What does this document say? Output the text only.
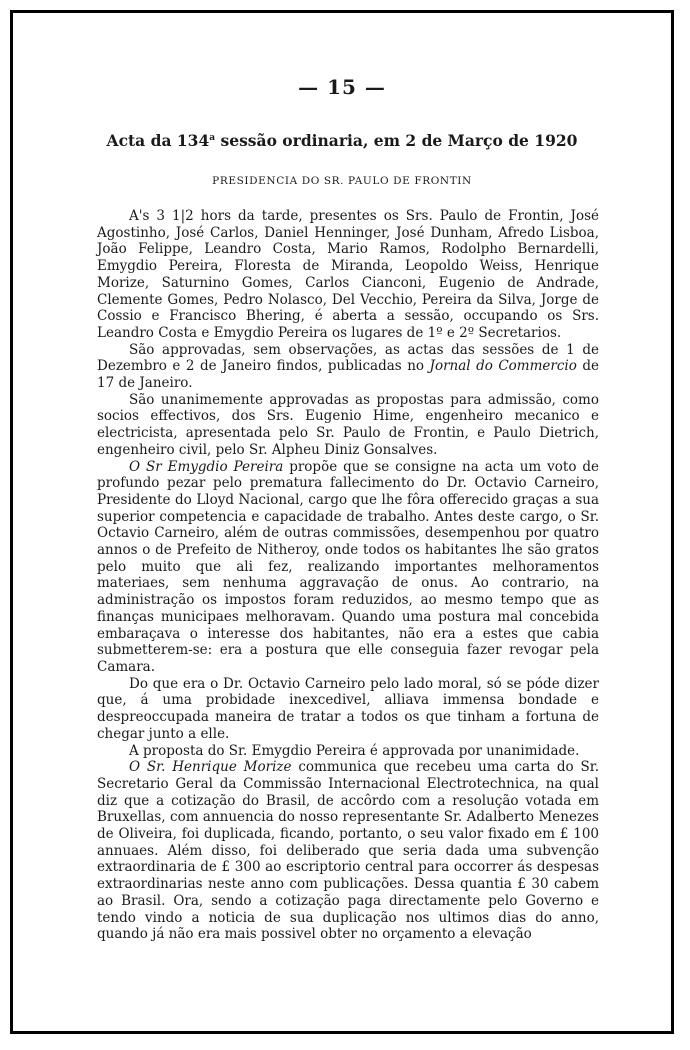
— 15 —
Acta da 134$^a$ sessão ordinaria, em 2 de Março de 1920
PRESIDENCIA DO SR. PAULO DE FRONTIN

A's 3 1|2 hors da tarde, presentes os Srs. Paulo de Frontin, José Agostinho, José Carlos, Daniel Henninger, José Dunham, Afredo Lisboa, João Felippe, Leandro Costa, Mario Ramos, Rodolpho Bernardelli, Emygdio Pereira, Floresta de Miranda, Leopoldo Weiss, Henrique Morize, Saturnino Gomes, Carlos Cianconi, Eugenio de Andrade, Clemente Gomes, Pedro Nolasco, Del Vecchio, Pereira da Silva, Jorge de Cossio e Francisco Bhering, é aberta a sessão, occupando os Srs. Leandro Costa e Emygdio Pereira os lugares de 1º e 2º Secretarios.

São approvadas, sem observações, as actas das sessões de 1 de Dezembro e 2 de Janeiro findos, publicadas no Jornal do Commercio de 17 de Janeiro.

São unanimemente approvadas as propostas para admissão, como socios effectivos, dos Srs. Eugenio Hime, engenheiro mecanico e electricista, apresentada pelo Sr. Paulo de Frontin, e Paulo Dietrich, engenheiro civil, pelo Sr. Alpheu Diniz Gonsalves.

O Sr Emygdio Pereira propõe que se consigne na acta um voto de profundo pezar pelo prematura fallecimento do Dr. Octavio Carneiro, Presidente do Lloyd Nacional, cargo que lhe fôra offerecido graças a sua superior competencia e capacidade de trabalho. Antes deste cargo, o Sr. Octavio Carneiro, além de outras commissões, desempenhou por quatro annos o de Prefeito de Nitheroy, onde todos os habitantes lhe são gratos pelo muito que ali fez, realizando importantes melhoramentos materiaes, sem nenhuma aggravação de onus. Ao contrario, na administração os impostos foram reduzidos, ao mesmo tempo que as finanças municipaes melhoravam. Quando uma postura mal concebida embaraçava o interesse dos habitantes, não era a estes que cabia submetterem-se: era a postura que elle conseguia fazer revogar pela Camara.

Do que era o Dr. Octavio Carneiro pelo lado moral, só se póde dizer que, á uma probidade inexcedivel, alliava immensa bondade e despreoccupada maneira de tratar a todos os que tinham a fortuna de chegar junto a elle.

A proposta do Sr. Emygdio Pereira é approvada por unanimidade.

O Sr. Henrique Morize communica que recebeu uma carta do Sr. Secretario Geral da Commissão Internacional Electrotechnica, na qual diz que a cotização do Brasil, de accôrdo com a resolução votada em Bruxellas, com annuencia do nosso representante Sr. Adalberto Menezes de Oliveira, foi duplicada, ficando, portanto, o seu valor fixado em £ 100 annuaes. Além disso, foi deliberado que seria dada uma subvenção extraordinaria de £ 300 ao escriptorio central para occorrer ás despesas extraordinarias neste anno com publicações. Dessa quantia £ 30 cabem ao Brasil. Ora, sendo a cotização paga directamente pelo Governo e tendo vindo a noticia de sua duplicação nos ultimos dias do anno, quando já não era mais possivel obter no orçamento a elevação
